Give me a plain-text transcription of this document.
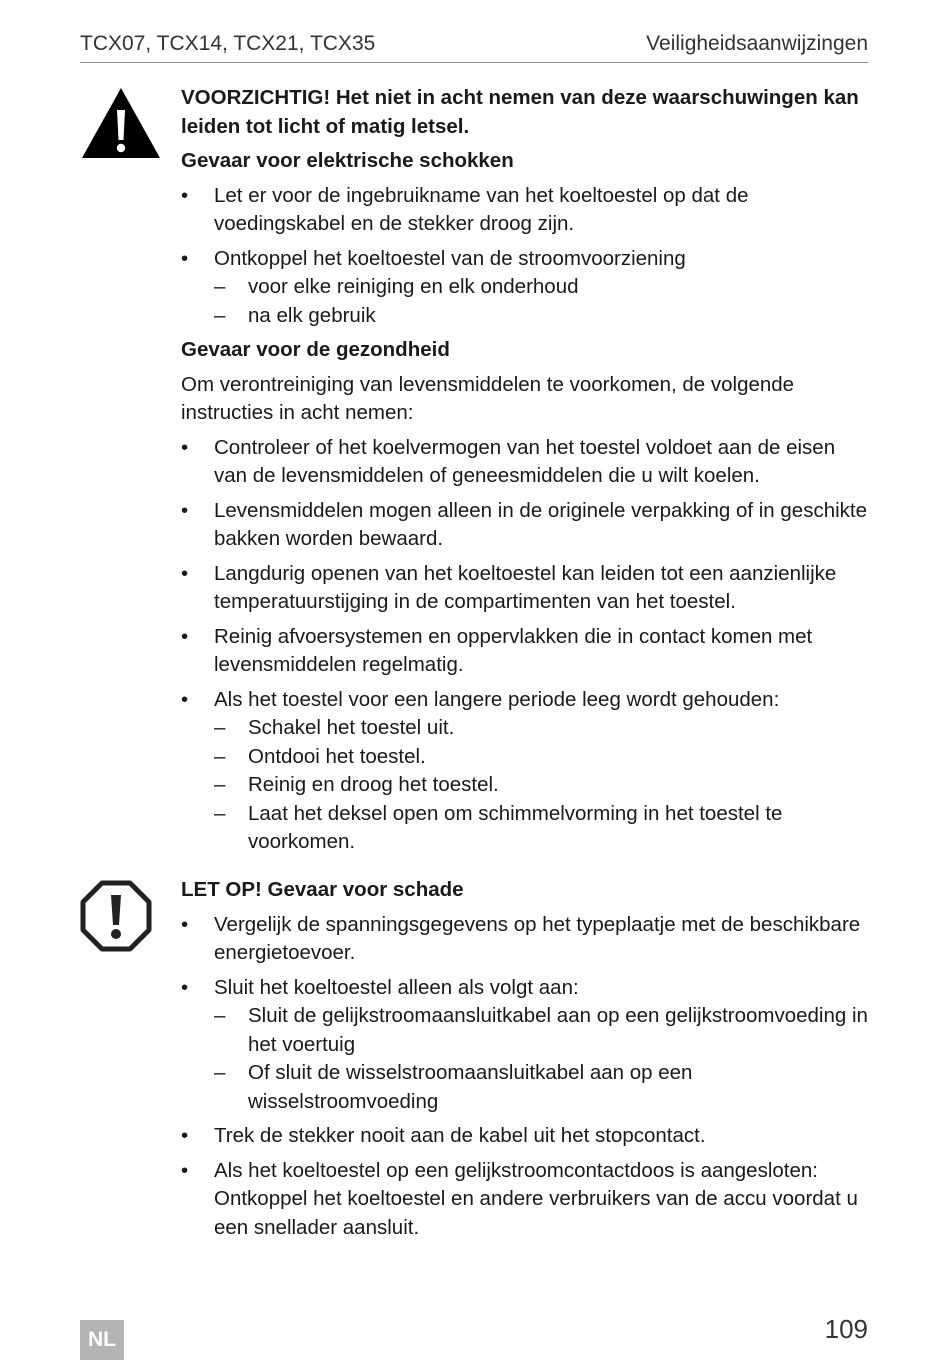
TCX07, TCX14, TCX21, TCX35	Veiligheidsaanwijzingen

VOORZICHTIG! Het niet in acht nemen van deze waarschuwingen kan leiden tot licht of matig letsel.

Gevaar voor elektrische schokken

• Let er voor de ingebruikname van het koeltoestel op dat de voedingskabel en de stekker droog zijn.
• Ontkoppel het koeltoestel van de stroomvoorziening
– voor elke reiniging en elk onderhoud
– na elk gebruik

Gevaar voor de gezondheid

Om verontreiniging van levensmiddelen te voorkomen, de volgende instructies in acht nemen:

• Controleer of het koelvermogen van het toestel voldoet aan de eisen van de levensmiddelen of geneesmiddelen die u wilt koelen.
• Levensmiddelen mogen alleen in de originele verpakking of in geschikte bakken worden bewaard.
• Langdurig openen van het koeltoestel kan leiden tot een aanzienlijke temperatuurstijging in de compartimenten van het toestel.
• Reinig afvoersystemen en oppervlakken die in contact komen met levensmiddelen regelmatig.
• Als het toestel voor een langere periode leeg wordt gehouden:
– Schakel het toestel uit.
– Ontdooi het toestel.
– Reinig en droog het toestel.
– Laat het deksel open om schimmelvorming in het toestel te voorkomen.

LET OP! Gevaar voor schade

• Vergelijk de spanningsgegevens op het typeplaatje met de beschikbare energietoevoer.
• Sluit het koeltoestel alleen als volgt aan:
– Sluit de gelijkstroomaansluitkabel aan op een gelijkstroomvoeding in het voertuig
– Of sluit de wisselstroomaansluitkabel aan op een wisselstroomvoeding
• Trek de stekker nooit aan de kabel uit het stopcontact.
• Als het koeltoestel op een gelijkstroomcontactdoos is aangesloten: Ontkoppel het koeltoestel en andere verbruikers van de accu voordat u een snellader aansluit.
NL	109
